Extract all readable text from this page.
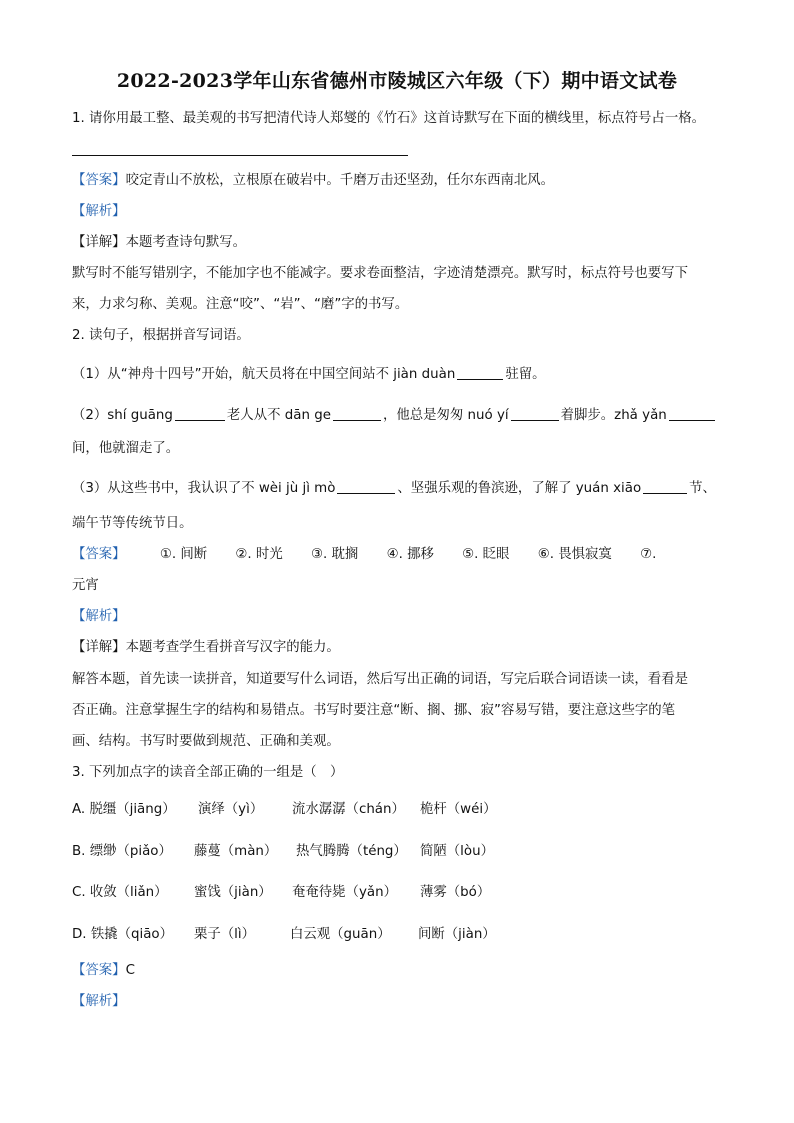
2022-2023学年山东省德州市陵城区六年级（下）期中语文试卷
1. 请你用最工整、最美观的书写把清代诗人郑燮的《竹石》这首诗默写在下面的横线里，标点符号占一格。
【答案】咬定青山不放松，立根原在破岩中。千磨万击还坚劲，任尔东西南北风。
【解析】
【详解】本题考查诗句默写。
默写时不能写错别字，不能加字也不能减字。要求卷面整洁，字迹清楚漂亮。默写时，标点符号也要写下
来，力求匀称、美观。注意“咬”、“岩”、“磨”字的书写。
2. 读句子，根据拼音写词语。
（1）从“神舟十四号”开始，航天员将在中国空间站不 jiàn duàn	驻留。
（2）shí guāng	老人从不 dān ge	，他总是匆匆 nuó yí	着脚步。zhǎ yǎn
间，他就溜走了。
（3）从这些书中，我认识了不 wèi jù jì mò	、坚强乐观的鲁滨逊，了解了 yuán xiāo	节、
端午节等传统节日。
【答案】	①. 间断 ②. 时光 ③. 耽搁 ④. 挪移 ⑤. 眨眼 ⑥. 畏惧寂寞 ⑦.
元宵
【解析】
【详解】本题考查学生看拼音写汉字的能力。
解答本题，首先读一读拼音，知道要写什么词语，然后写出正确的词语，写完后联合词语读一读，看看是
否正确。注意掌握生字的结构和易错点。书写时要注意“断、搁、挪、寂”容易写错，要注意这些字的笔
画、结构。书写时要做到规范、正确和美观。
3. 下列加点字的读音全部正确的一组是（　）
A. 脱缰（jiāng） 演绎（yì） 流水潺潺（chán） 桅杆（wéi）
B. 缥缈（piǎo） 藤蔓（màn） 热气腾腾（téng） 简陋（lòu）
C. 收敛（liǎn） 蜜饯（jiàn） 奄奄待毙（yǎn） 薄雾（bó）
D. 铁撬（qiāo） 栗子（lì）	白云观（guān） 间断（jiàn）
【答案】C
【解析】
